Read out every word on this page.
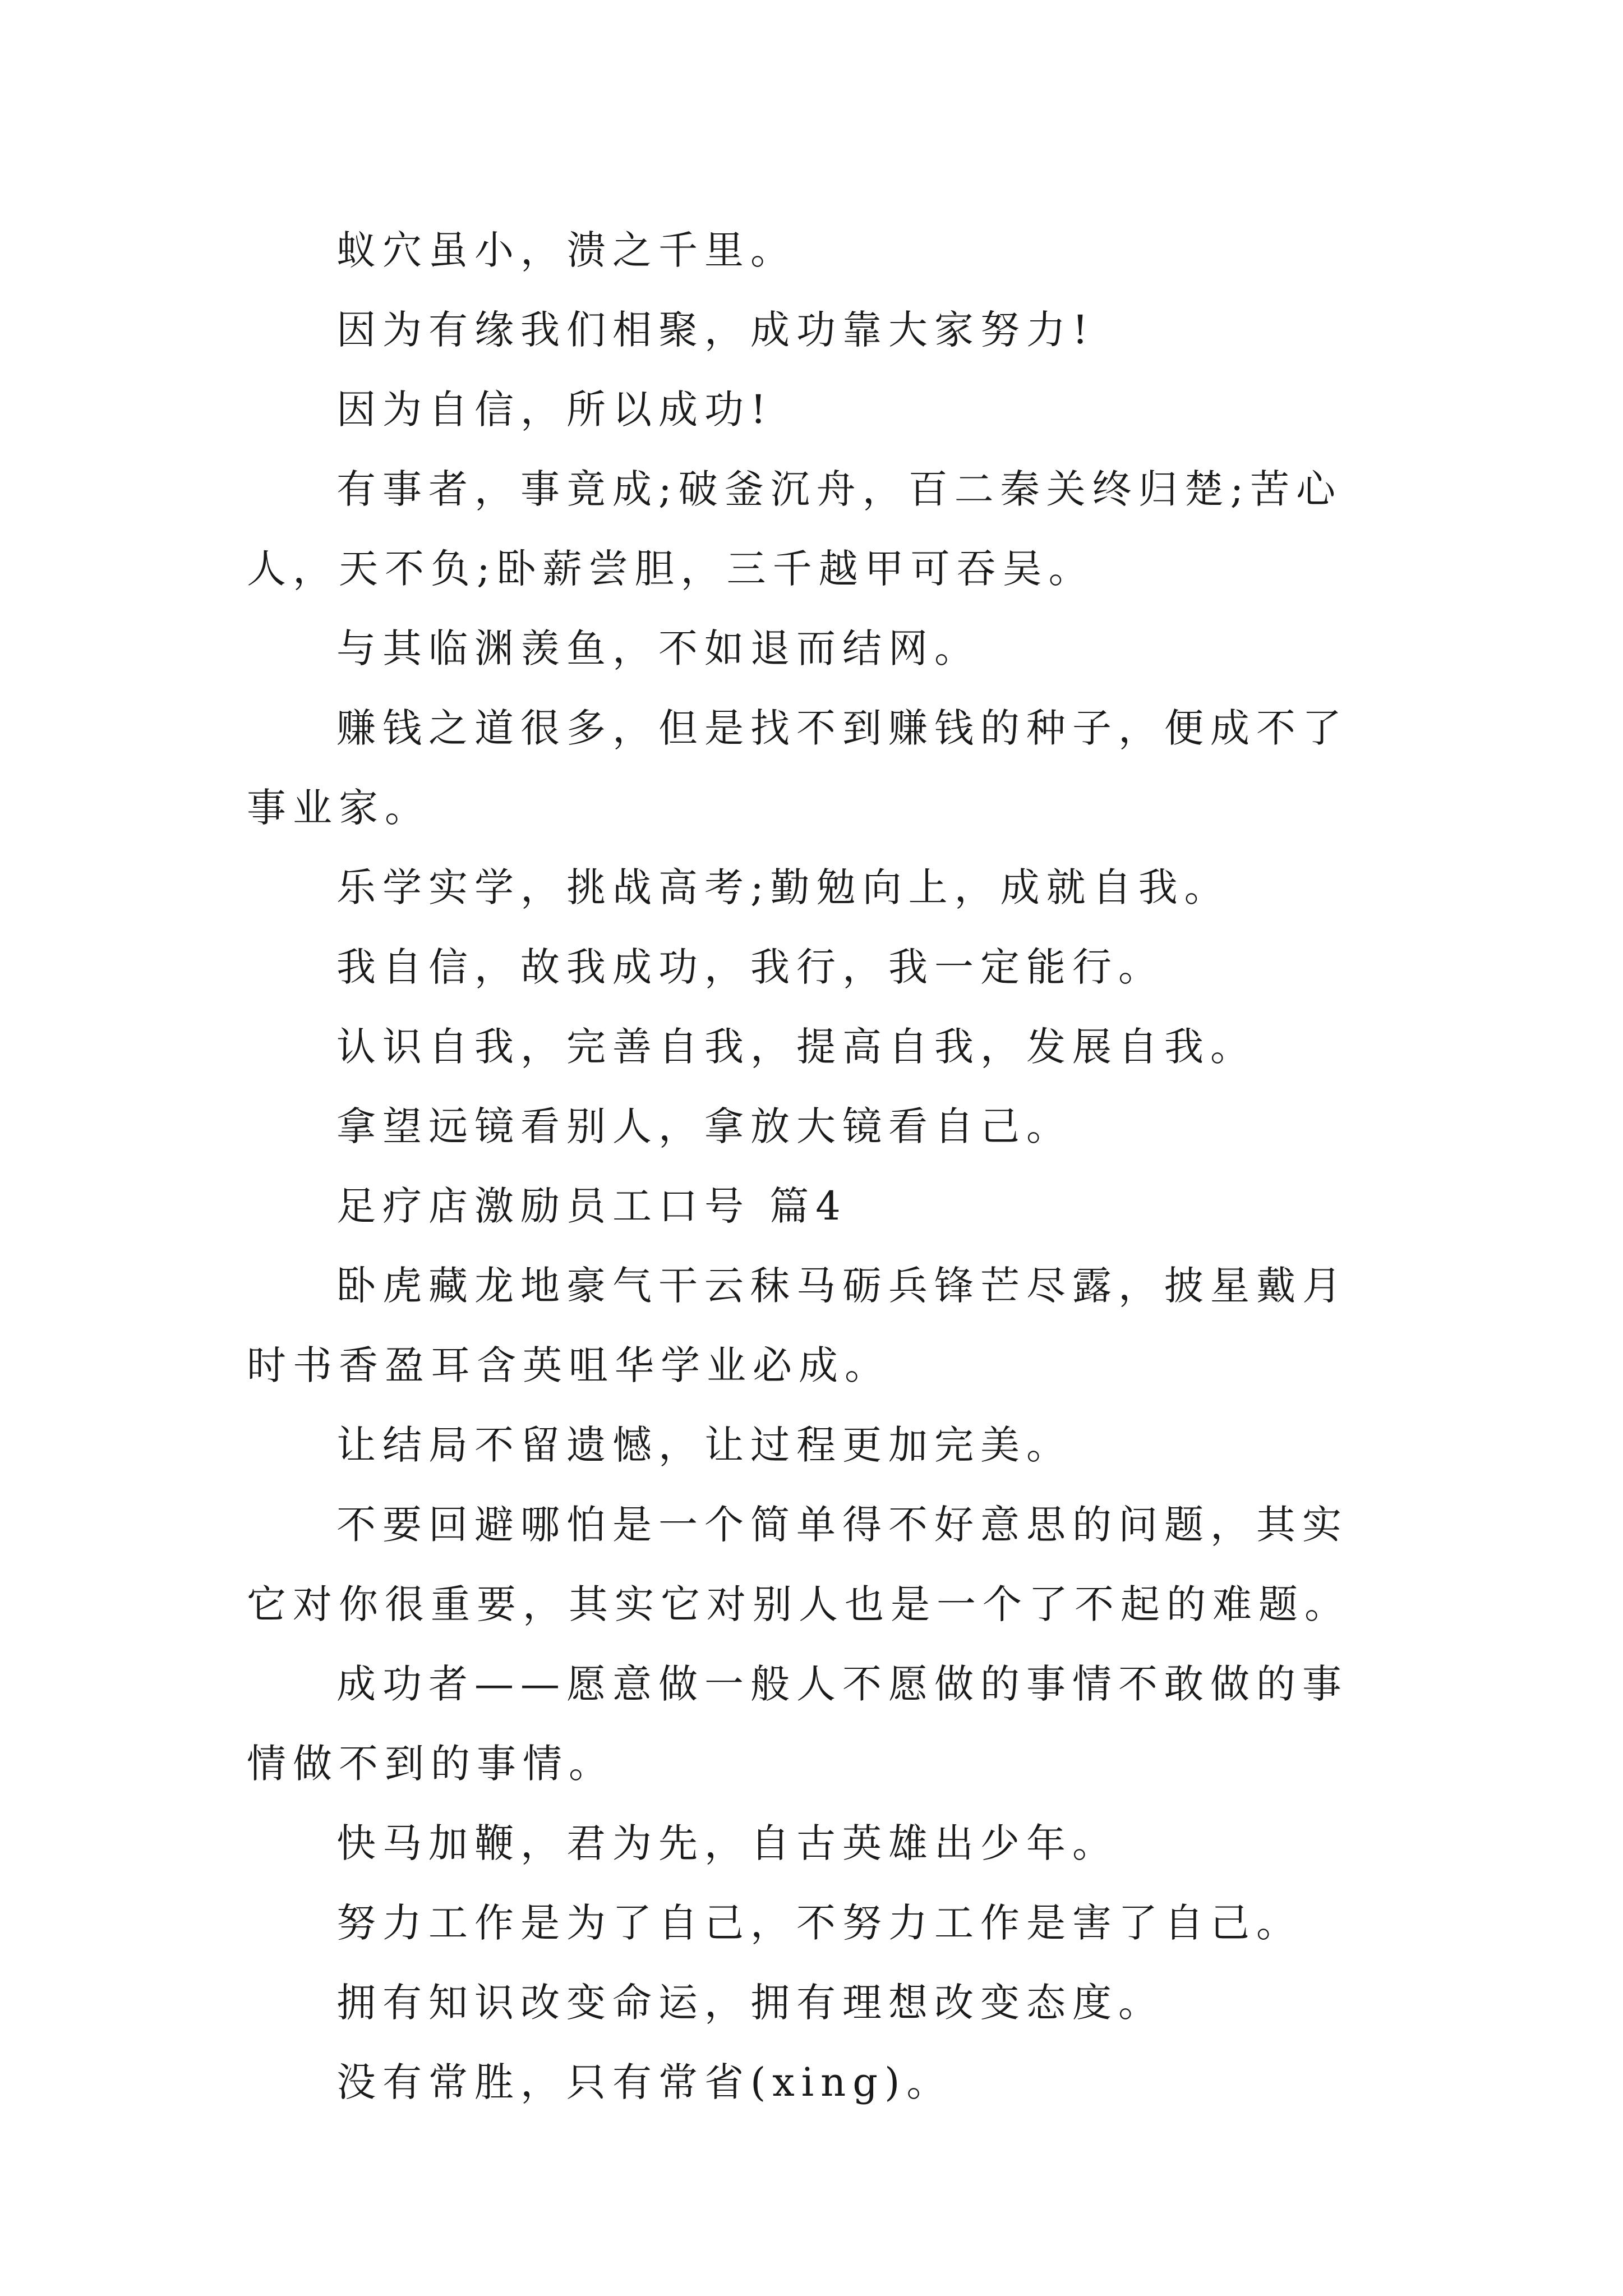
蚁穴虽小，溃之千里。

因为有缘我们相聚，成功靠大家努力!

因为自信，所以成功!

有事者，事竟成;破釜沉舟，百二秦关终归楚;苦心人，天不负;卧薪尝胆，三千越甲可吞吴。

与其临渊羡鱼，不如退而结网。

赚钱之道很多，但是找不到赚钱的种子，便成不了事业家。

乐学实学，挑战高考;勤勉向上，成就自我。

我自信，故我成功，我行，我一定能行。

认识自我，完善自我，提高自我，发展自我。

拿望远镜看别人，拿放大镜看自己。

足疗店激励员工口号 篇4

卧虎藏龙地豪气干云秣马砺兵锋芒尽露，披星戴月时书香盈耳含英咀华学业必成。

让结局不留遗憾，让过程更加完美。

不要回避哪怕是一个简单得不好意思的问题，其实它对你很重要，其实它对别人也是一个了不起的难题。

成功者——愿意做一般人不愿做的事情不敢做的事情做不到的事情。

快马加鞭，君为先，自古英雄出少年。

努力工作是为了自己，不努力工作是害了自己。

拥有知识改变命运，拥有理想改变态度。

没有常胜，只有常省(xing)。
